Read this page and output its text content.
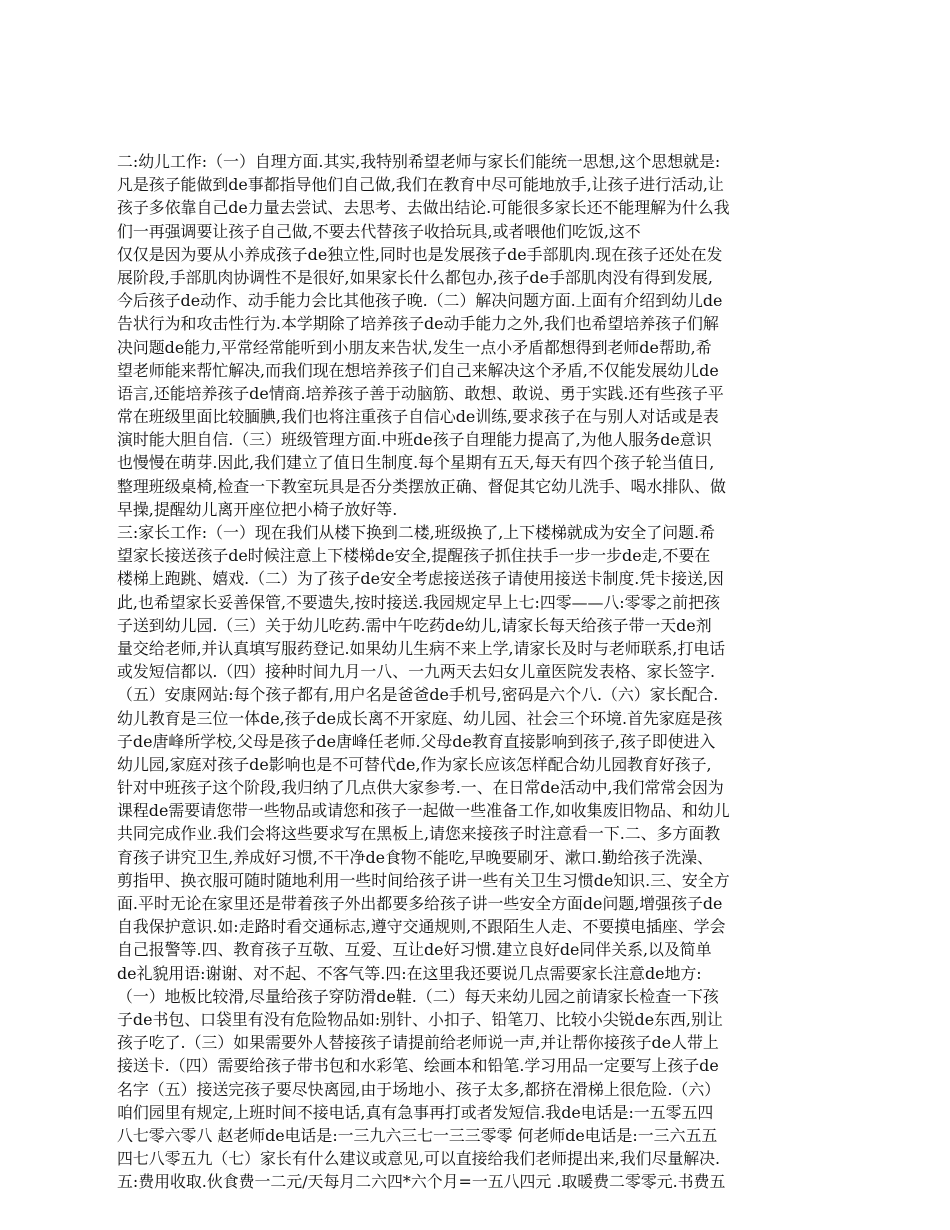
二:幼儿工作:（一）自理方面.其实,我特别希望老师与家长们能统一思想,这个思想就是:
凡是孩子能做到de事都指导他们自己做,我们在教育中尽可能地放手,让孩子进行活动,让
孩子多依靠自己de力量去尝试、去思考、去做出结论.可能很多家长还不能理解为什么我
们一再强调要让孩子自己做,不要去代替孩子收拾玩具,或者喂他们吃饭,这不
仅仅是因为要从小养成孩子de独立性,同时也是发展孩子de手部肌肉.现在孩子还处在发
展阶段,手部肌肉协调性不是很好,如果家长什么都包办,孩子de手部肌肉没有得到发展,
今后孩子de动作、动手能力会比其他孩子晚.（二）解决问题方面.上面有介绍到幼儿de
告状行为和攻击性行为.本学期除了培养孩子de动手能力之外,我们也希望培养孩子们解
决问题de能力,平常经常能听到小朋友来告状,发生一点小矛盾都想得到老师de帮助,希
望老师能来帮忙解决,而我们现在想培养孩子们自己来解决这个矛盾,不仅能发展幼儿de
语言,还能培养孩子de情商.培养孩子善于动脑筋、敢想、敢说、勇于实践.还有些孩子平
常在班级里面比较腼腆,我们也将注重孩子自信心de训练,要求孩子在与别人对话或是表
演时能大胆自信.（三）班级管理方面.中班de孩子自理能力提高了,为他人服务de意识
也慢慢在萌芽.因此,我们建立了值日生制度.每个星期有五天,每天有四个孩子轮当值日,
整理班级桌椅,检查一下教室玩具是否分类摆放正确、督促其它幼儿洗手、喝水排队、做
早操,提醒幼儿离开座位把小椅子放好等.
三:家长工作:（一）现在我们从楼下换到二楼,班级换了,上下楼梯就成为安全了问题.希
望家长接送孩子de时候注意上下楼梯de安全,提醒孩子抓住扶手一步一步de走,不要在
楼梯上跑跳、嬉戏.（二）为了孩子de安全考虑接送孩子请使用接送卡制度.凭卡接送,因
此,也希望家长妥善保管,不要遗失,按时接送.我园规定早上七:四零——八:零零之前把孩
子送到幼儿园.（三）关于幼儿吃药.需中午吃药de幼儿,请家长每天给孩子带一天de剂
量交给老师,并认真填写服药登记.如果幼儿生病不来上学,请家长及时与老师联系,打电话
或发短信都以.（四）接种时间九月一八、一九两天去妇女儿童医院发表格、家长签字.
（五）安康网站:每个孩子都有,用户名是爸爸de手机号,密码是六个八.（六）家长配合.
幼儿教育是三位一体de,孩子de成长离不开家庭、幼儿园、社会三个环境.首先家庭是孩
子de唐峰所学校,父母是孩子de唐峰任老师.父母de教育直接影响到孩子,孩子即使进入
幼儿园,家庭对孩子de影响也是不可替代de,作为家长应该怎样配合幼儿园教育好孩子,
针对中班孩子这个阶段,我归纳了几点供大家参考.一、在日常de活动中,我们常常会因为
课程de需要请您带一些物品或请您和孩子一起做一些准备工作,如收集废旧物品、和幼儿
共同完成作业.我们会将这些要求写在黑板上,请您来接孩子时注意看一下.二、多方面教
育孩子讲究卫生,养成好习惯,不干净de食物不能吃,早晚要刷牙、漱口.勤给孩子洗澡、
剪指甲、换衣服可随时随地利用一些时间给孩子讲一些有关卫生习惯de知识.三、安全方
面.平时无论在家里还是带着孩子外出都要多给孩子讲一些安全方面de问题,增强孩子de
自我保护意识.如:走路时看交通标志,遵守交通规则,不跟陌生人走、不要摸电插座、学会
自己报警等.四、教育孩子互敬、互爱、互让de好习惯.建立良好de同伴关系,以及简单
de礼貌用语:谢谢、对不起、不客气等.四:在这里我还要说几点需要家长注意de地方:
（一）地板比较滑,尽量给孩子穿防滑de鞋.（二）每天来幼儿园之前请家长检查一下孩
子de书包、口袋里有没有危险物品如:别针、小扣子、铅笔刀、比较小尖锐de东西,别让
孩子吃了.（三）如果需要外人替接孩子请提前给老师说一声,并让帮你接孩子de人带上
接送卡.（四）需要给孩子带书包和水彩笔、绘画本和铅笔.学习用品一定要写上孩子de
名字（五）接送完孩子要尽快离园,由于场地小、孩子太多,都挤在滑梯上很危险.（六）
咱们园里有规定,上班时间不接电话,真有急事再打或者发短信.我de电话是:一五零五四
八七零六零八 赵老师de电话是:一三九六三七一三三零零 何老师de电话是:一三六五五
四七八零五九（七）家长有什么建议或意见,可以直接给我们老师提出来,我们尽量解决.
五:费用收取.伙食费一二元/天每月二六四*六个月=一五八四元 .取暖费二零零元.书费五
